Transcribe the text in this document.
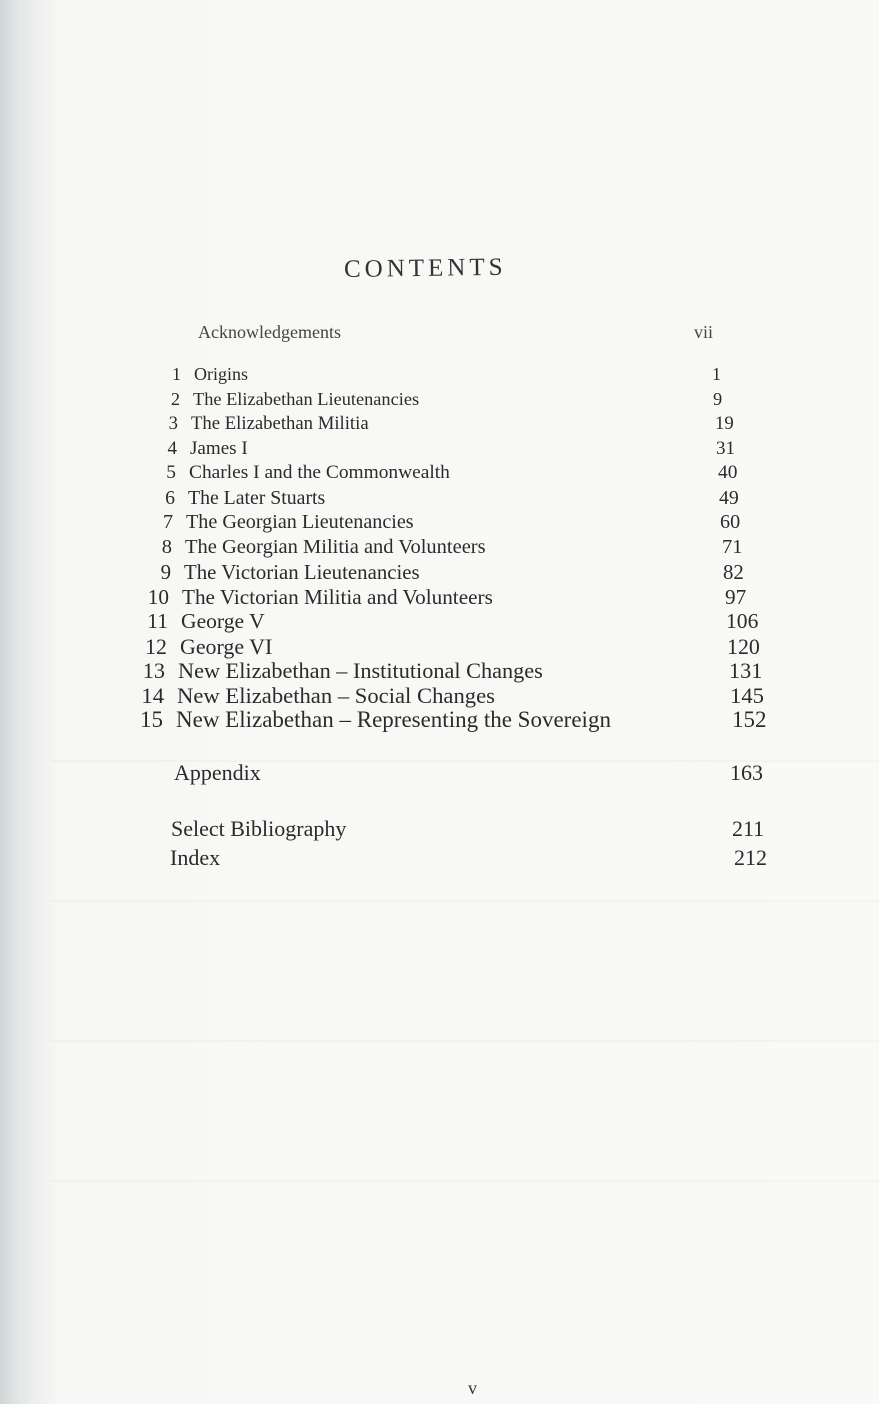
CONTENTS
Acknowledgements	vii
1 Origins	1
2 The Elizabethan Lieutenancies	9
3 The Elizabethan Militia	19
4 James I	31
5 Charles I and the Commonwealth	40
6 The Later Stuarts	49
7 The Georgian Lieutenancies	60
8 The Georgian Militia and Volunteers	71
9 The Victorian Lieutenancies	82
10 The Victorian Militia and Volunteers	97
11 George V	106
12 George VI	120
13 New Elizabethan – Institutional Changes	131
14 New Elizabethan – Social Changes	145
15 New Elizabethan – Representing the Sovereign	152
Appendix	163
Select Bibliography	211
Index	212
v
